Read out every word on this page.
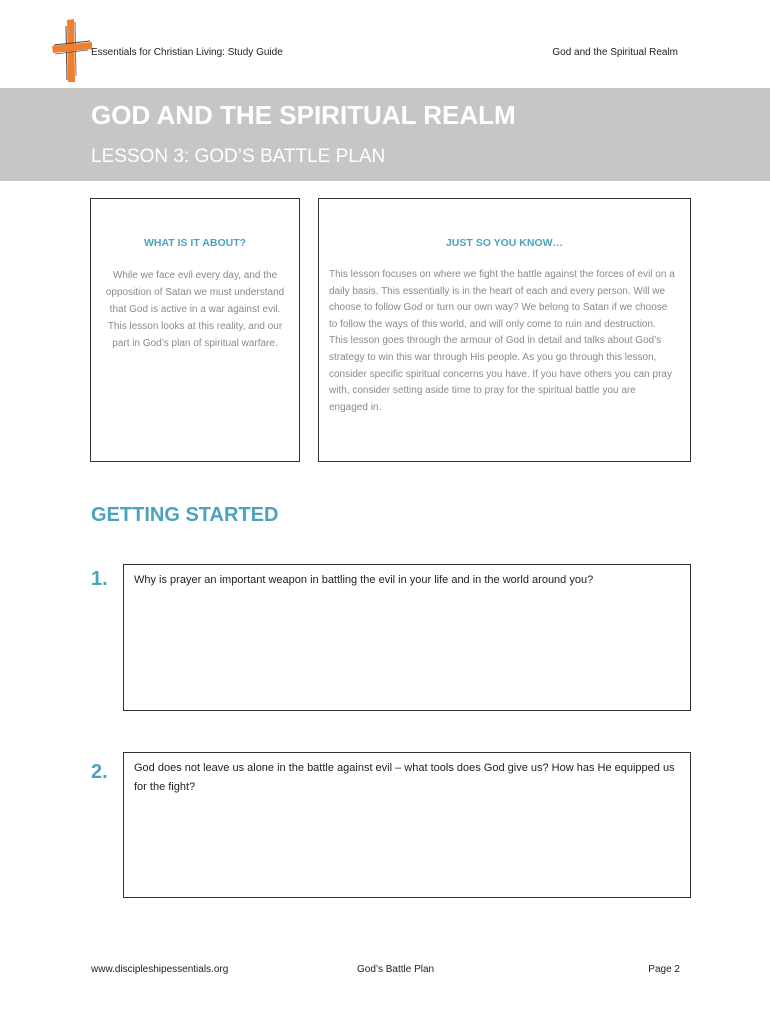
Essentials for Christian Living: Study Guide	God and the Spiritual Realm
GOD AND THE SPIRITUAL REALM
LESSON 3: GOD’S BATTLE PLAN
WHAT IS IT ABOUT?
While we face evil every day, and the opposition of Satan we must understand that God is active in a war against evil. This lesson looks at this reality, and our part in God’s plan of spiritual warfare.
JUST SO YOU KNOW…
This lesson focuses on where we fight the battle against the forces of evil on a daily basis. This essentially is in the heart of each and every person. Will we choose to follow God or turn our own way? We belong to Satan if we choose to follow the ways of this world, and will only come to ruin and destruction. This lesson goes through the armour of God in detail and talks about God’s strategy to win this war through His people. As you go through this lesson, consider specific spiritual concerns you have. If you have others you can pray with, consider setting aside time to pray for the spiritual battle you are engaged in.
GETTING STARTED
1. Why is prayer an important weapon in battling the evil in your life and in the world around you?
2. God does not leave us alone in the battle against evil – what tools does God give us? How has He equipped us for the fight?
www.discipleshipessentials.org	God’s Battle Plan	Page 2
